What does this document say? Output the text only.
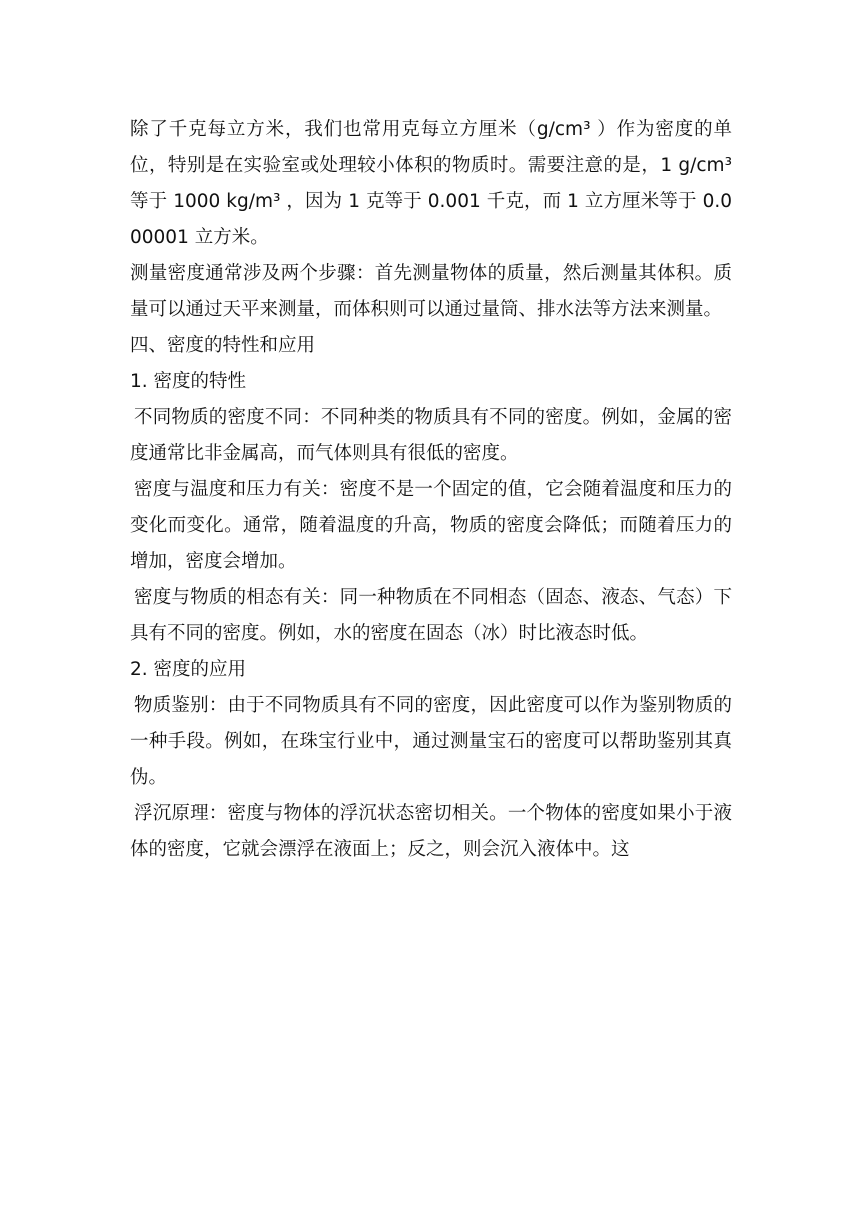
除了千克每立方米，我们也常用克每立方厘米（g/cm³ ）作为密度的单位，特别是在实验室或处理较小体积的物质时。需要注意的是，1 g/cm³ 等于 1000 kg/m³ ，因为 1 克等于 0.001 千克，而 1 立方厘米等于 0.000001 立方米。

测量密度通常涉及两个步骤：首先测量物体的质量，然后测量其体积。质量可以通过天平来测量，而体积则可以通过量筒、排水法等方法来测量。

四、密度的特性和应用

1. 密度的特性

不同物质的密度不同：不同种类的物质具有不同的密度。例如，金属的密度通常比非金属高，而气体则具有很低的密度。

密度与温度和压力有关：密度不是一个固定的值，它会随着温度和压力的变化而变化。通常，随着温度的升高，物质的密度会降低；而随着压力的增加，密度会增加。

密度与物质的相态有关：同一种物质在不同相态（固态、液态、气态）下具有不同的密度。例如，水的密度在固态（冰）时比液态时低。

2. 密度的应用

物质鉴别：由于不同物质具有不同的密度，因此密度可以作为鉴别物质的一种手段。例如，在珠宝行业中，通过测量宝石的密度可以帮助鉴别其真伪。

浮沉原理：密度与物体的浮沉状态密切相关。一个物体的密度如果小于液体的密度，它就会漂浮在液面上；反之，则会沉入液体中。这
